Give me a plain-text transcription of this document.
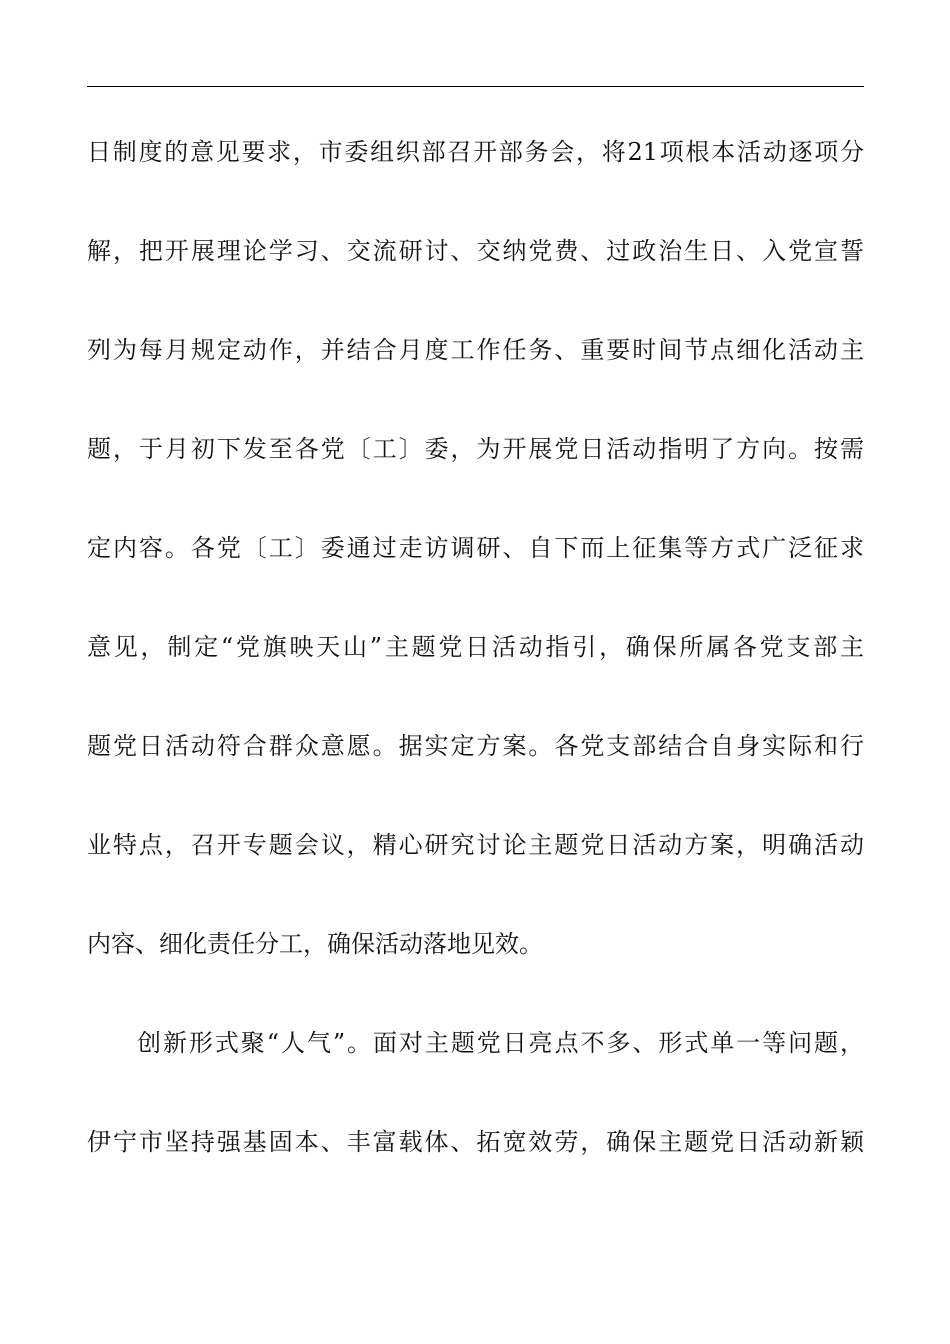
日制度的意见要求，市委组织部召开部务会，将21项根本活动逐项分
解，把开展理论学习、交流研讨、交纳党费、过政治生日、入党宣誓
列为每月规定动作，并结合月度工作任务、重要时间节点细化活动主
题，于月初下发至各党〔工〕委，为开展党日活动指明了方向。按需
定内容。各党〔工〕委通过走访调研、自下而上征集等方式广泛征求
意见，制定“党旗映天山”主题党日活动指引，确保所属各党支部主
题党日活动符合群众意愿。据实定方案。各党支部结合自身实际和行
业特点，召开专题会议，精心研究讨论主题党日活动方案，明确活动
内容、细化责任分工，确保活动落地见效。
创新形式聚“人气”。面对主题党日亮点不多、形式单一等问题，
伊宁市坚持强基固本、丰富载体、拓宽效劳，确保主题党日活动新颖
